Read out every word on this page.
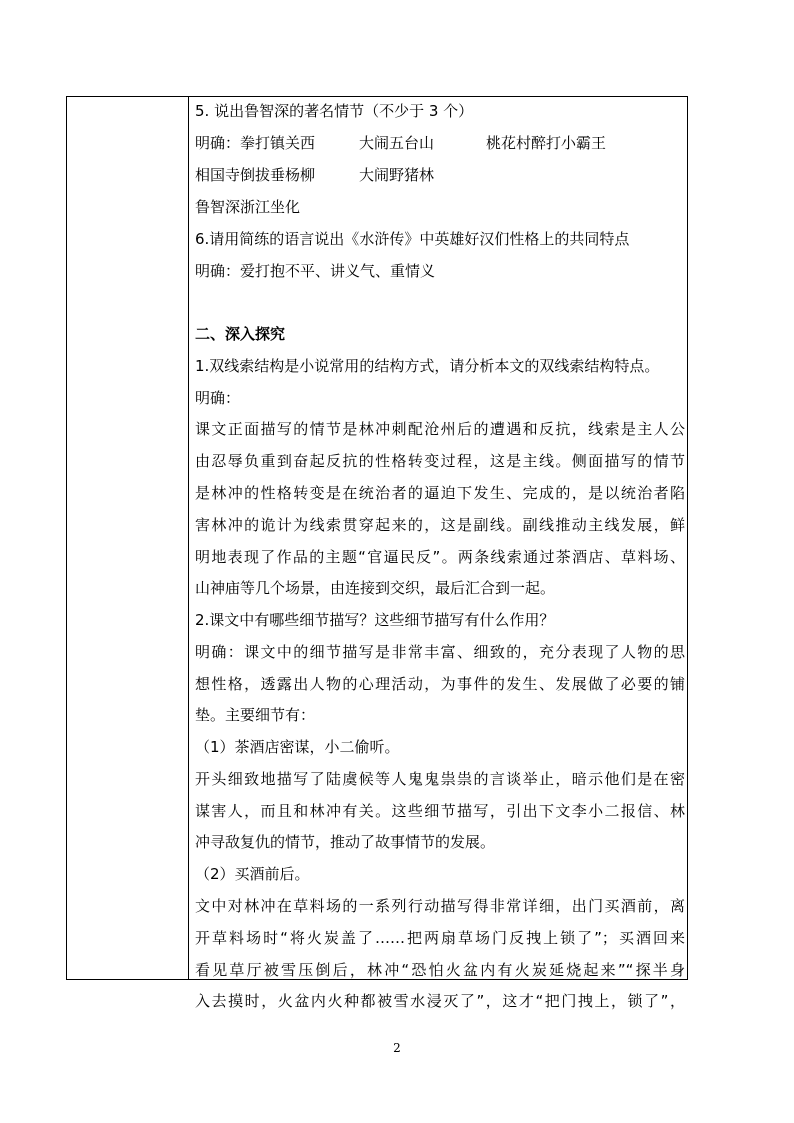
5. 说出鲁智深的著名情节（不少于 3 个）
明确：拳打镇关西	大闹五台山	桃花村醉打小霸王
相国寺倒拔垂杨柳	大闹野猪林
鲁智深浙江坐化
6.请用简练的语言说出《水浒传》中英雄好汉们性格上的共同特点
明确：爱打抱不平、讲义气、重情义
二、深入探究
1.双线索结构是小说常用的结构方式，请分析本文的双线索结构特点。
明确：
课文正面描写的情节是林冲刺配沧州后的遭遇和反抗，线索是主人公
由忍辱负重到奋起反抗的性格转变过程，这是主线。侧面描写的情节
是林冲的性格转变是在统治者的逼迫下发生、完成的，是以统治者陷
害林冲的诡计为线索贯穿起来的，这是副线。副线推动主线发展，鲜
明地表现了作品的主题“官逼民反”。两条线索通过茶酒店、草料场、
山神庙等几个场景，由连接到交织，最后汇合到一起。
2.课文中有哪些细节描写？这些细节描写有什么作用？
明确：课文中的细节描写是非常丰富、细致的，充分表现了人物的思
想性格，透露出人物的心理活动，为事件的发生、发展做了必要的铺
垫。主要细节有：
（1）茶酒店密谋，小二偷听。
开头细致地描写了陆虞候等人鬼鬼祟祟的言谈举止，暗示他们是在密
谋害人，而且和林冲有关。这些细节描写，引出下文李小二报信、林
冲寻敌复仇的情节，推动了故事情节的发展。
（2）买酒前后。
文中对林冲在草料场的一系列行动描写得非常详细，出门买酒前，离
开草料场时“将火炭盖了……把两扇草场门反拽上锁了”；买酒回来
看见草厅被雪压倒后，林冲“恐怕火盆内有火炭延烧起来”“探半身
入去摸时，火盆内火种都被雪水浸灭了”，这才“把门拽上，锁了”，
2
